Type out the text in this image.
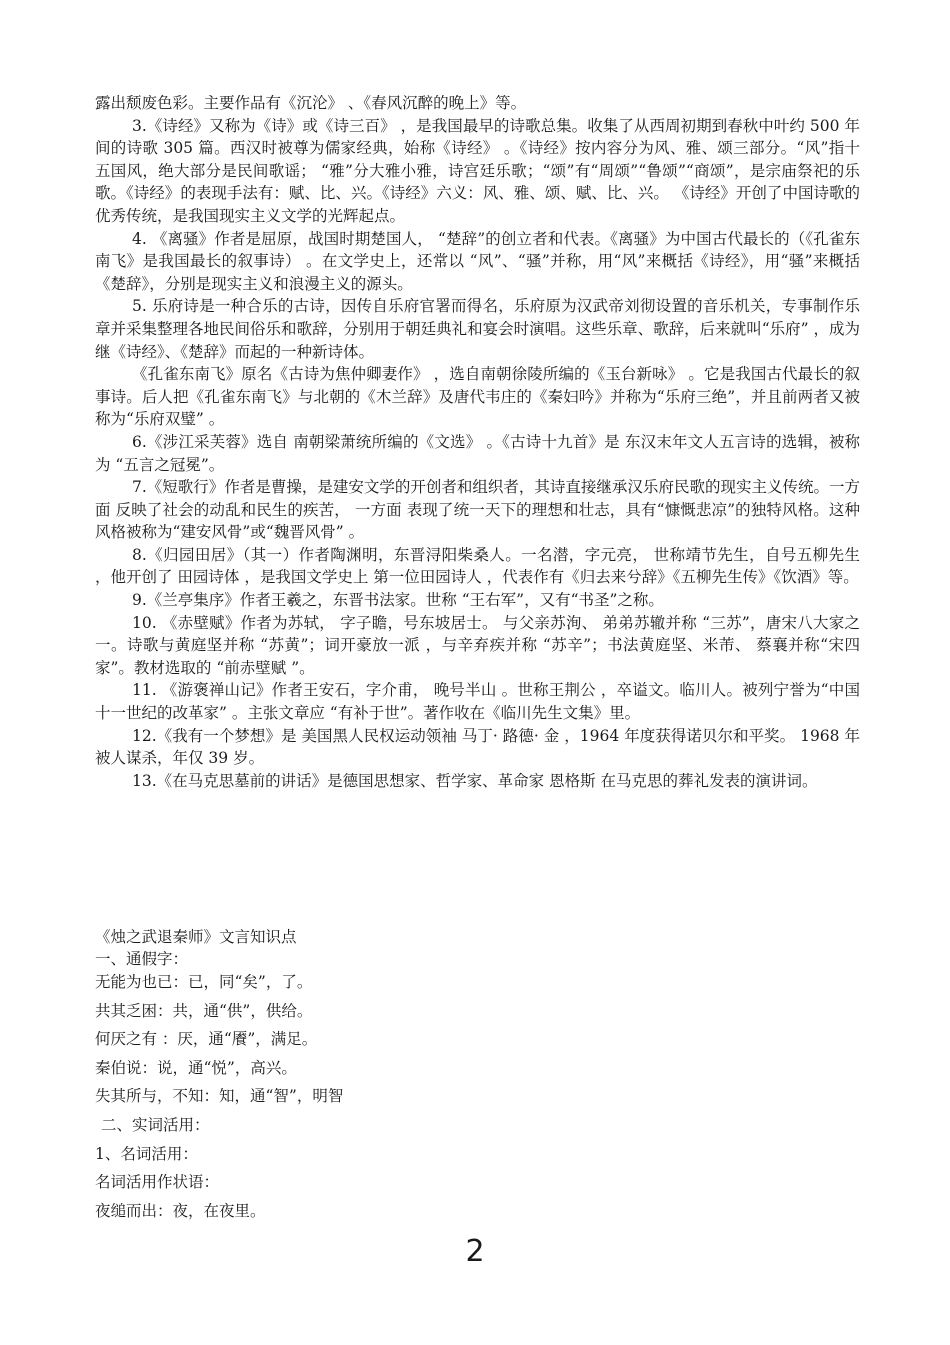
露出颓废色彩。主要作品有《沉沦》 、《春风沉醉的晚上》等。

3.《诗经》又称为《诗》或《诗三百》 ，是我国最早的诗歌总集。收集了从西周初期到春秋中叶约 500 年间的诗歌 305 篇。西汉时被尊为儒家经典，始称《诗经》 。《诗经》按内容分为风、雅、颂三部分。“风”指十五国风，绝大部分是民间歌谣； “雅”分大雅小雅，诗宫廷乐歌；“颂”有“周颂”“鲁颂”“商颂”，是宗庙祭祀的乐歌。《诗经》的表现手法有：赋、比、兴。《诗经》六义：风、雅、颂、赋、比、兴。 《诗经》开创了中国诗歌的优秀传统，是我国现实主义文学的光辉起点。

4. 《离骚》作者是屈原，战国时期楚国人， “楚辞”的创立者和代表。《离骚》为中国古代最长的（《孔雀东南飞》是我国最长的叙事诗） 。在文学史上，还常以 “风”、“骚”并称，用“风”来概括《诗经》，用“骚”来概括《楚辞》，分别是现实主义和浪漫主义的源头。

5. 乐府诗是一种合乐的古诗，因传自乐府官署而得名，乐府原为汉武帝刘彻设置的音乐机关，专事制作乐章并采集整理各地民间俗乐和歌辞，分别用于朝廷典礼和宴会时演唱。这些乐章、歌辞，后来就叫“乐府” ，成为继《诗经》、《楚辞》而起的一种新诗体。

《孔雀东南飞》原名《古诗为焦仲卿妻作》 ，选自南朝徐陵所编的《玉台新咏》 。它是我国古代最长的叙事诗。后人把《孔雀东南飞》与北朝的《木兰辞》及唐代韦庄的《秦妇吟》并称为“乐府三绝”，并且前两者又被称为“乐府双璧” 。

6.《涉江采芙蓉》选自 南朝梁萧统所编的《文选》 。《古诗十九首》是 东汉末年文人五言诗的选辑，被称为 “五言之冠冕”。

7.《短歌行》作者是曹操，是建安文学的开创者和组织者，其诗直接继承汉乐府民歌的现实主义传统。一方面 反映了社会的动乱和民生的疾苦， 一方面 表现了统一天下的理想和壮志，具有“慷慨悲凉”的独特风格。这种风格被称为“建安风骨”或“魏晋风骨” 。

8.《归园田居》（其一）作者陶渊明，东晋浔阳柴桑人。一名潜，字元亮， 世称靖节先生，自号五柳先生 ，他开创了 田园诗体 ，是我国文学史上 第一位田园诗人 ，代表作有《归去来兮辞》《五柳先生传》《饮酒》等。

9.《兰亭集序》作者王羲之，东晋书法家。世称 “王右军”，又有“书圣”之称。

10. 《赤壁赋》作者为苏轼， 字子瞻，号东坡居士。 与父亲苏洵、 弟弟苏辙并称 “三苏”，唐宋八大家之一。诗歌与黄庭坚并称 “苏黄”；词开豪放一派 ，与辛弃疾并称 “苏辛”；书法黄庭坚、米芾、 蔡襄并称“宋四家”。教材选取的 “前赤壁赋 ”。

11. 《游褒禅山记》作者王安石，字介甫， 晚号半山 。世称王荆公 ，卒谥文。临川人。被列宁誉为“中国十一世纪的改革家” 。主张文章应 “有补于世”。著作收在《临川先生文集》里。

12.《我有一个梦想》是 美国黑人民权运动领袖 马丁· 路德· 金 ，1964 年度获得诺贝尔和平奖。 1968 年被人谋杀，年仅 39 岁。

13.《在马克思墓前的讲话》是德国思想家、哲学家、革命家 恩格斯 在马克思的葬礼发表的演讲词。

《烛之武退秦师》文言知识点

一、通假字：

无能为也已：已，同“矣”，了。

共其乏困：共，通“供”，供给。

何厌之有 ：厌，通“餍”，满足。

秦伯说：说，通“悦”，高兴。

失其所与，不知：知，通“智”，明智

二、实词活用：

1、名词活用：

名词活用作状语：

夜缒而出：夜，在夜里。

2
